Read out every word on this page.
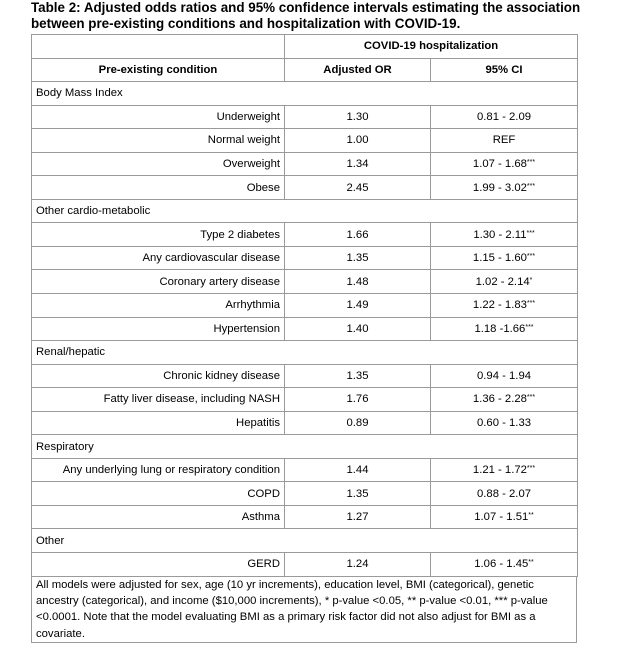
Table 2: Adjusted odds ratios and 95% confidence intervals estimating the association between pre-existing conditions and hospitalization with COVID-19.
	COVID-19 hospitalization	
Pre-existing condition	Adjusted OR	95% CI
Body Mass Index		
Underweight	1.30	0.81 - 2.09
Normal weight	1.00	REF
Overweight	1.34	1.07 - 1.68***
Obese	2.45	1.99 - 3.02***
Other cardio-metabolic		
Type 2 diabetes	1.66	1.30 - 2.11***
Any cardiovascular disease	1.35	1.15 - 1.60***
Coronary artery disease	1.48	1.02 - 2.14*
Arrhythmia	1.49	1.22 - 1.83***
Hypertension	1.40	1.18 -1.66***
Renal/hepatic		
Chronic kidney disease	1.35	0.94 - 1.94
Fatty liver disease, including NASH	1.76	1.36 - 2.28***
Hepatitis	0.89	0.60 - 1.33
Respiratory		
Any underlying lung or respiratory condition	1.44	1.21 - 1.72***
COPD	1.35	0.88 - 2.07
Asthma	1.27	1.07 - 1.51**
Other		
GERD	1.24	1.06 - 1.45**
All models were adjusted for sex, age (10 yr increments), education level, BMI (categorical), genetic ancestry (categorical), and income ($10,000 increments), * p-value <0.05, ** p-value <0.01, *** p-value <0.0001. Note that the model evaluating BMI as a primary risk factor did not also adjust for BMI as a covariate.
